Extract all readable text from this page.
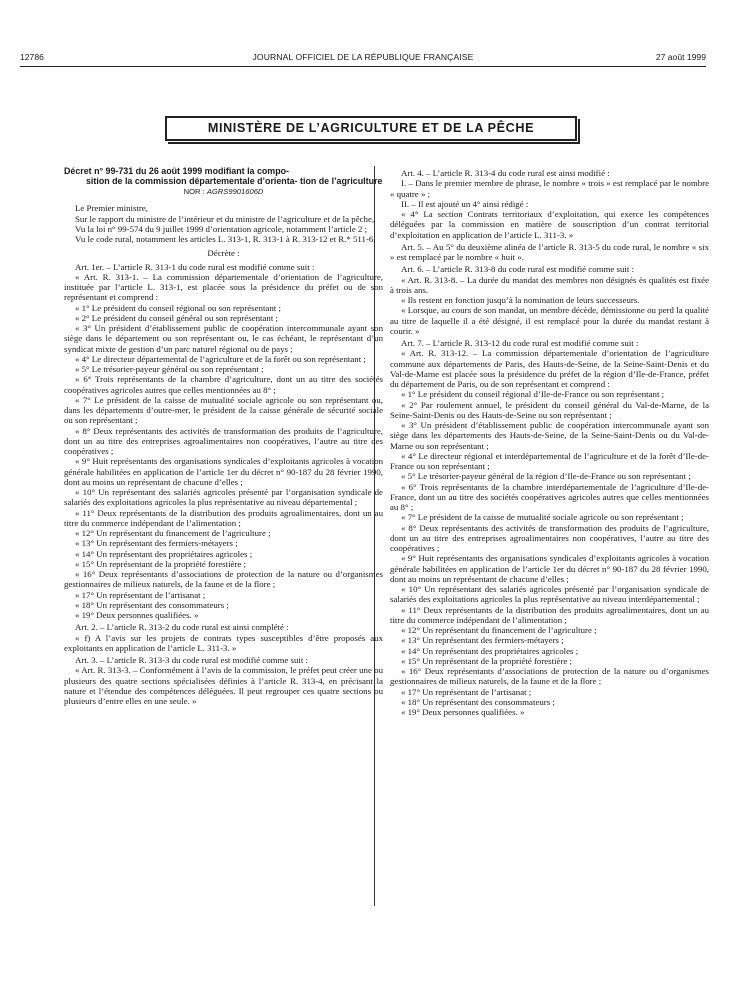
12786	JOURNAL OFFICIEL DE LA RÉPUBLIQUE FRANÇAISE	27 août 1999
MINISTÈRE DE L’AGRICULTURE ET DE LA PÊCHE

Décret n° 99-731 du 26 août 1999 modifiant la compo-
sition de la commission départementale d’orienta- tion de l’agriculture

NOR : AGRS9901606D

Le Premier ministre,

Sur le rapport du ministre de l’intérieur et du ministre de l’agriculture et de la pêche,

Vu la loi n° 99-574 du 9 juillet 1999 d’orientation agricole, notamment l’article 2 ;

Vu le code rural, notamment les articles L. 313-1, R. 313-1 à R. 313-12 et R.* 511-6,

Décrète :

Art. 1er. – L’article R. 313-1 du code rural est modifié comme suit :

« Art. R. 313-1. – La commission départementale d’orientation de l’agriculture, instituée par l’article L. 313-1, est placée sous la présidence du préfet ou de son représentant et comprend :

« 1° Le président du conseil régional ou son représentant ;

« 2° Le président du conseil général ou son représentant ;

« 3° Un président d’établissement public de coopération intercommunale ayant son siège dans le département ou son représentant ou, le cas échéant, le représentant d’un syndicat mixte de gestion d’un parc naturel régional ou de pays ;

« 4° Le directeur départemental de l’agriculture et de la forêt ou son représentant ;

« 5° Le trésorier-payeur général ou son représentant ;

« 6° Trois représentants de la chambre d’agriculture, dont un au titre des sociétés coopératives agricoles autres que celles mentionnées au 8° ;

« 7° Le président de la caisse de mutualité sociale agricole ou son représentant ou, dans les départements d’outre-mer, le président de la caisse générale de sécurité sociale ou son représentant ;

« 8° Deux représentants des activités de transformation des produits de l’agriculture, dont un au titre des entreprises agroalimentaires non coopératives, l’autre au titre des coopératives ;

« 9° Huit représentants des organisations syndicales d’exploitants agricoles à vocation générale habilitées en application de l’article 1er du décret n° 90-187 du 28 février 1990, dont au moins un représentant de chacune d’elles ;

« 10° Un représentant des salariés agricoles présenté par l’organisation syndicale de salariés des exploitations agricoles la plus représentative au niveau départemental ;

« 11° Deux représentants de la distribution des produits agroalimentaires, dont un au titre du commerce indépendant de l’alimentation ;

« 12° Un représentant du financement de l’agriculture ;

« 13° Un représentant des fermiers-métayers ;

« 14° Un représentant des propriétaires agricoles ;

« 15° Un représentant de la propriété forestière ;

« 16° Deux représentants d’associations de protection de la nature ou d’organismes gestionnaires de milieux naturels, de la faune et de la flore ;

« 17° Un représentant de l’artisanat ;

« 18° Un représentant des consommateurs ;

« 19° Deux personnes qualifiées. »

Art. 2. – L’article R. 313-2 du code rural est ainsi complété :

« f) A l’avis sur les projets de contrats types susceptibles d’être proposés aux exploitants en application de l’article L. 311-3. »

Art. 3. – L’article R. 313-3 du code rural est modifié comme suit :

« Art. R. 313-3. – Conformément à l’avis de la commission, le préfet peut créer une ou plusieurs des quatre sections spécialisées définies à l’article R. 313-4, en précisant la nature et l’étendue des compétences déléguées. Il peut regrouper ces quatre sections ou plusieurs d’entre elles en une seule. »

Art. 4. – L’article R. 313-4 du code rural est ainsi modifié :

I. – Dans le premier membre de phrase, le nombre « trois » est remplacé par le nombre « quatre » ;

II. – Il est ajouté un 4° ainsi rédigé :

« 4° La section Contrats territoriaux d’exploitation, qui exerce les compétences déléguées par la commission en matière de souscription d’un contrat territorial d’exploitation en application de l’article L. 311-3. »

Art. 5. – Au 5° du deuxième alinéa de l’article R. 313-5 du code rural, le nombre « six » est remplacé par le nombre « huit ».

Art. 6. – L’article R. 313-8 du code rural est modifié comme suit :

« Art. R. 313-8. – La durée du mandat des membres non désignés ès qualités est fixée à trois ans.

« Ils restent en fonction jusqu’à la nomination de leurs successeurs.

« Lorsque, au cours de son mandat, un membre décède, démissionne ou perd la qualité au titre de laquelle il a été désigné, il est remplacé pour la durée du mandat restant à courir. »

Art. 7. – L’article R. 313-12 du code rural est modifié comme suit :

« Art. R. 313-12. – La commission départementale d’orientation de l’agriculture commune aux départements de Paris, des Hauts-de-Seine, de la Seine-Saint-Denis et du Val-de-Marne est placée sous la présidence du préfet de la région d’Ile-de-France, préfet du département de Paris, ou de son représentant et comprend :

« 1° Le président du conseil régional d’Ile-de-France ou son représentant ;

« 2° Par roulement annuel, le président du conseil général du Val-de-Marne, de la Seine-Saint-Denis ou des Hauts-de-Seine ou son représentant ;

« 3° Un président d’établissement public de coopération intercommunale ayant son siège dans les départements des Hauts-de-Seine, de la Seine-Saint-Denis ou du Val-de-Marne ou son représentant ;

« 4° Le directeur régional et interdépartemental de l’agriculture et de la forêt d’Ile-de-France ou son représentant ;

« 5° Le trésorier-payeur général de la région d’Ile-de-France ou son représentant ;

« 6° Trois représentants de la chambre interdépartementale de l’agriculture d’Ile-de-France, dont un au titre des sociétés coopératives agricoles autres que celles mentionnées au 8° ;

« 7° Le président de la caisse de mutualité sociale agricole ou son représentant ;

« 8° Deux représentants des activités de transformation des produits de l’agriculture, dont un au titre des entreprises agroalimentaires non coopératives, l’autre au titre des coopératives ;

« 9° Huit représentants des organisations syndicales d’exploitants agricoles à vocation générale habilitées en application de l’article 1er du décret n° 90-187 du 28 février 1990, dont au moins un représentant de chacune d’elles ;

« 10° Un représentant des salariés agricoles présenté par l’organisation syndicale de salariés des exploitations agricoles la plus représentative au niveau interdépartemental ;

« 11° Deux représentants de la distribution des produits agroalimentaires, dont un au titre du commerce indépendant de l’alimentation ;

« 12° Un représentant du financement de l’agriculture ;

« 13° Un représentant des fermiers-métayers ;

« 14° Un représentant des propriétaires agricoles ;

« 15° Un représentant de la propriété forestière ;

« 16° Deux représentants d’associations de protection de la nature ou d’organismes gestionnaires de milieux naturels, de la faune et de la flore ;

« 17° Un représentant de l’artisanat ;

« 18° Un représentant des consommateurs ;

« 19° Deux personnes qualifiées. »
